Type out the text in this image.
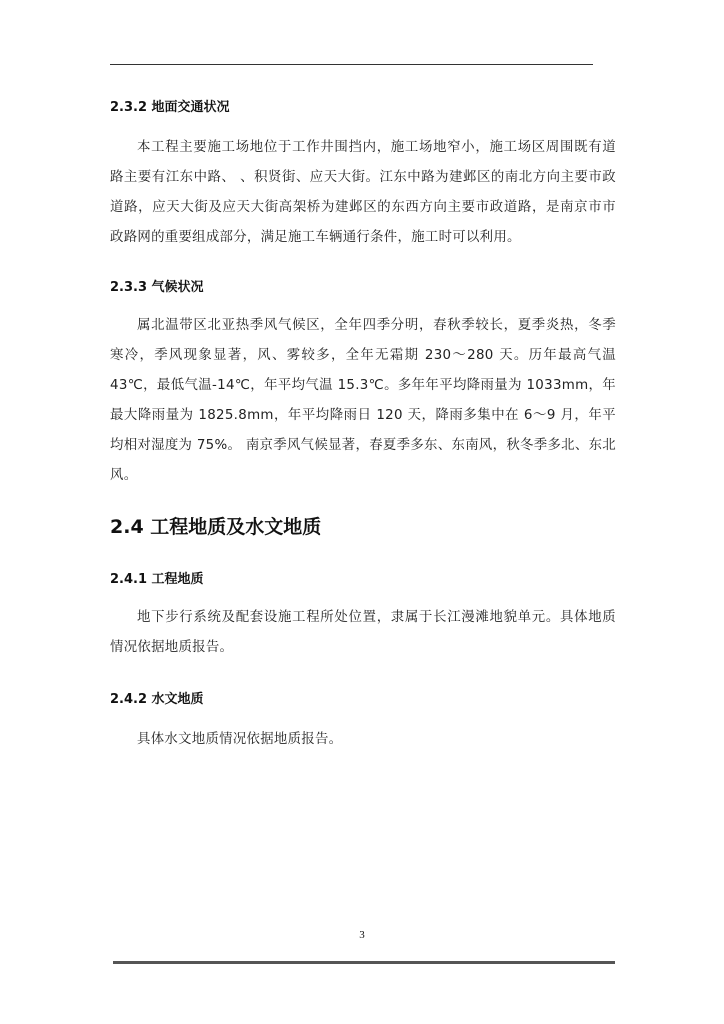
2.3.2 地面交通状况

本工程主要施工场地位于工作井围挡内，施工场地窄小，施工场区周围既有道路主要有江东中路、 、积贤街、应天大街。江东中路为建邺区的南北方向主要市政道路，应天大街及应天大街高架桥为建邺区的东西方向主要市政道路，是南京市市政路网的重要组成部分，满足施工车辆通行条件，施工时可以利用。

2.3.3 气候状况

属北温带区北亚热季风气候区，全年四季分明，春秋季较长，夏季炎热，冬季寒冷，季风现象显著，风、雾较多，全年无霜期 230～280 天。历年最高气温 43℃，最低气温-14℃，年平均气温 15.3℃。多年年平均降雨量为 1033mm，年最大降雨量为 1825.8mm，年平均降雨日 120 天，降雨多集中在 6～9 月，年平均相对湿度为 75%。 南京季风气候显著，春夏季多东、东南风，秋冬季多北、东北风。

2.4 工程地质及水文地质
2.4.1 工程地质

地下步行系统及配套设施工程所处位置，隶属于长江漫滩地貌单元。具体地质情况依据地质报告。

2.4.2 水文地质

具体水文地质情况依据地质报告。

3
